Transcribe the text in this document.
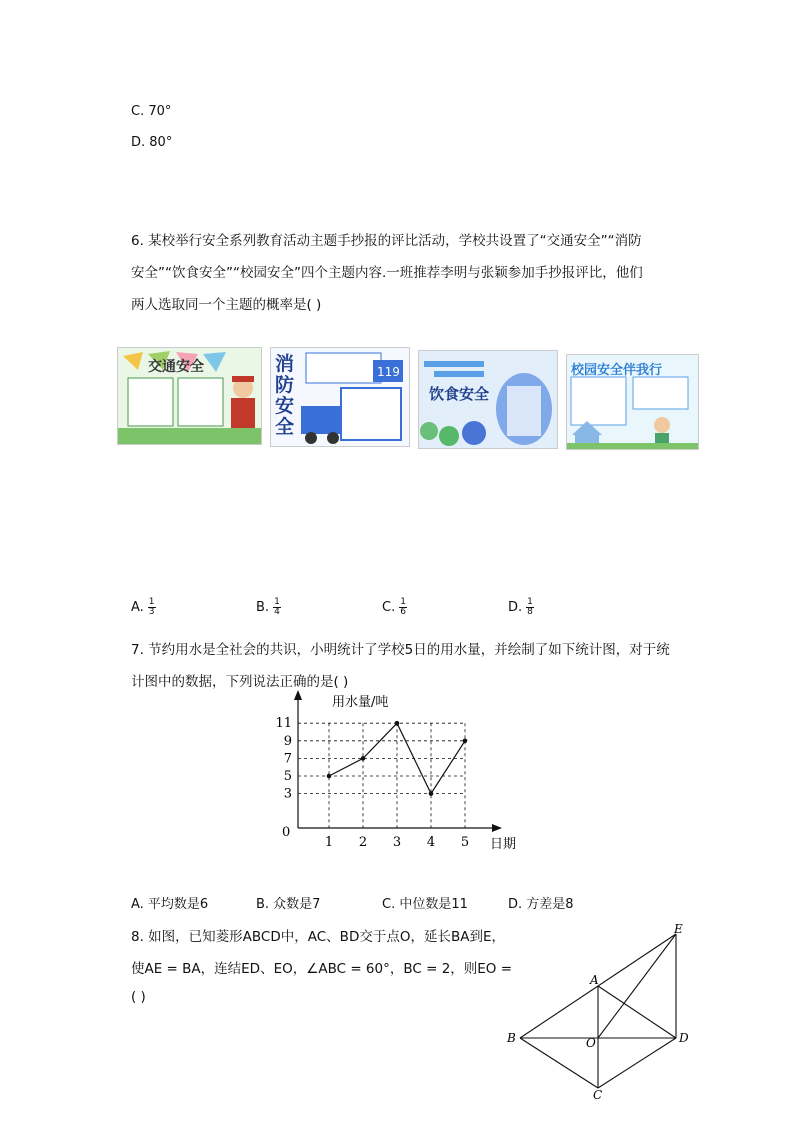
C. 70°
D. 80°
6. 某校举行安全系列教育活动主题手抄报的评比活动，学校共设置了“交通安全”“消防
安全”“饮食安全”“校园安全”四个主题内容.一班推荐李明与张颖参加手抄报评比，他们
两人选取同一个主题的概率是( )
交通安全	119
消防安全
饮食安全
校园安全伴我行
A. $\frac{1}{3}$	B. $\frac{1}{4}$	C. $\frac{1}{6}$	D. $\frac{1}{8}$
7. 节约用水是全社会的共识，小明统计了学校5日的用水量，并绘制了如下统计图，对于统
计图中的数据，下列说法正确的是( )
3
5
7
9
11
1 2 3 4 5
用水量/吨
日期
0
A. 平均数是6	B. 众数是7	C. 中位数是11	D. 方差是8
8. 如图，已知菱形ABCD中，AC、BD交于点O，延长BA到E，
使AE = BA，连结ED、EO，∠ABC = 60°，BC = 2，则EO =
( )
E
A
B	O	D
C
